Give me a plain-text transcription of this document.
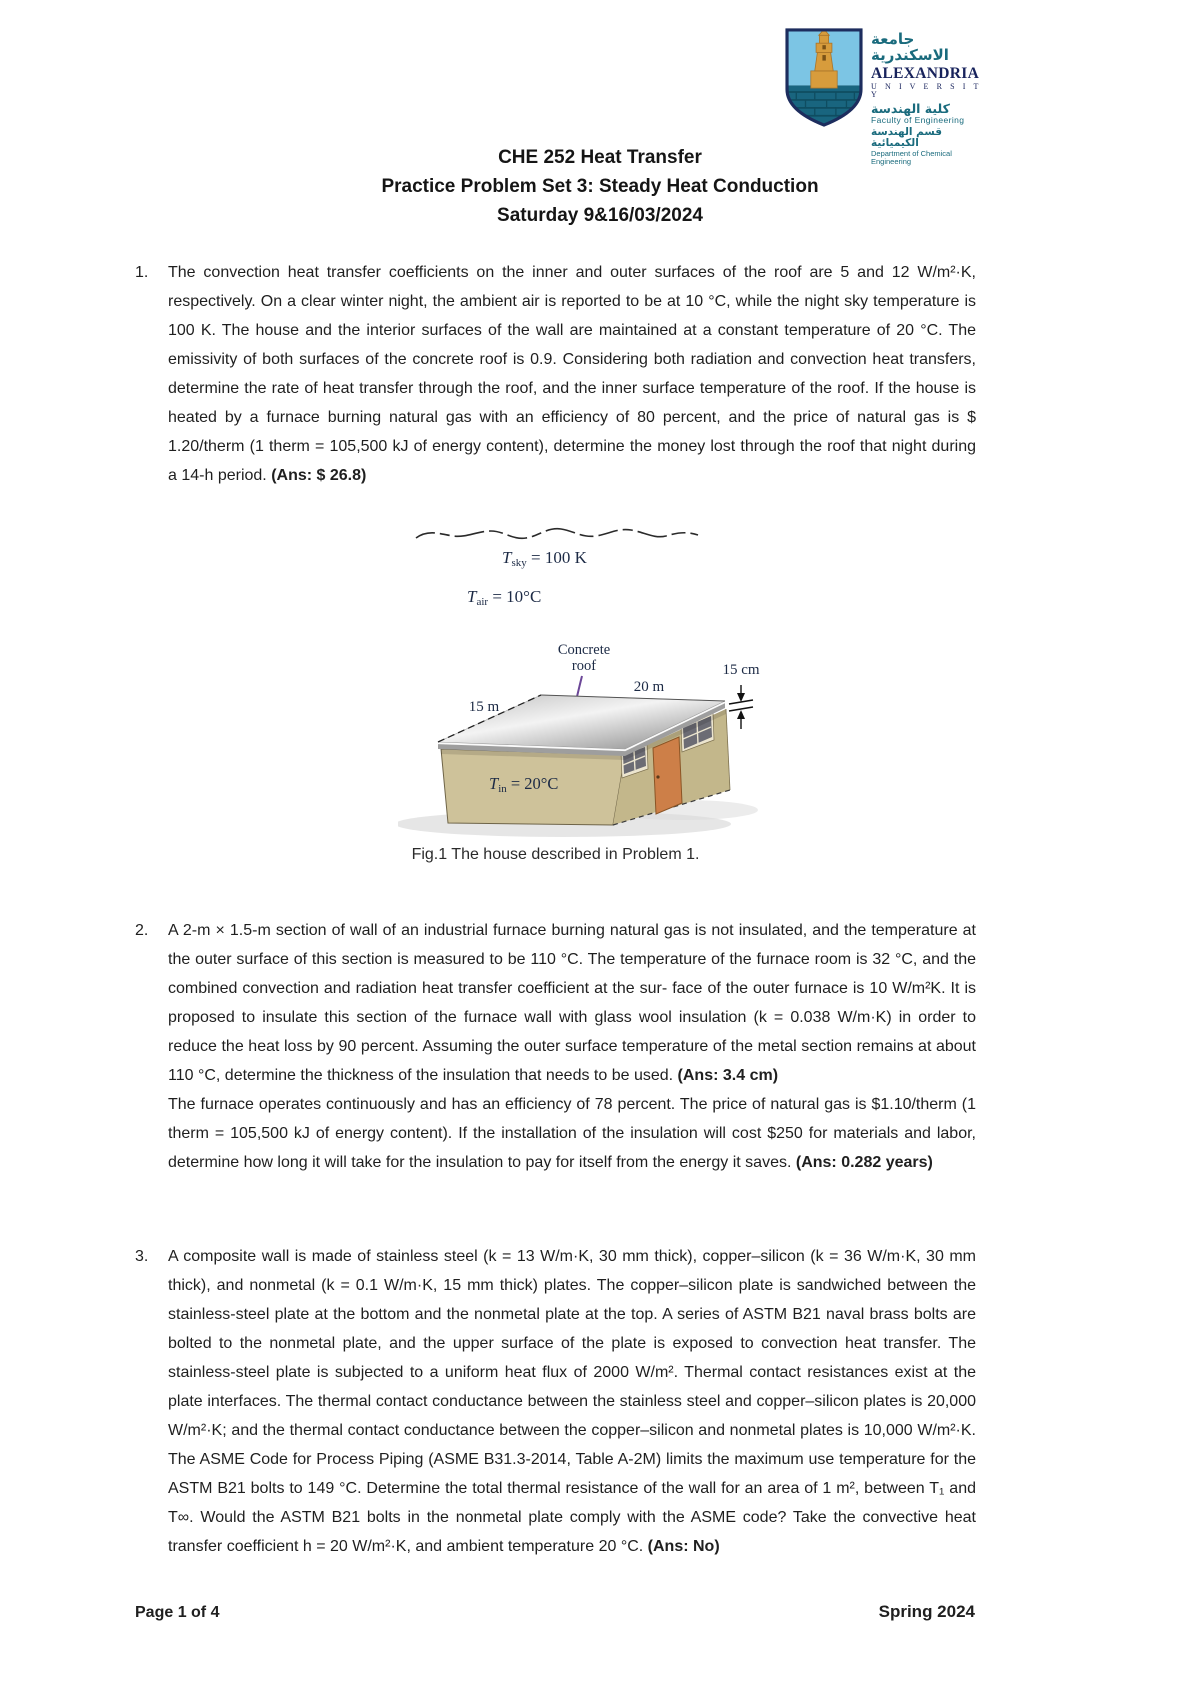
جامعة الاسكندرية
ALEXANDRIA
U N I V E R S I T Y
كلية الهندسة
Faculty of Engineering
قسم الهندسة الكيميائية
Department of Chemical Engineering
CHE 252 Heat Transfer
Practice Problem Set 3: Steady Heat Conduction
Saturday 9&16/03/2024
1.	The convection heat transfer coefficients on the inner and outer surfaces of the roof are 5 and 12 W/m²·K, respectively. On a clear winter night, the ambient air is reported to be at 10 °C, while the night sky temperature is 100 K. The house and the interior surfaces of the wall are maintained at a constant temperature of 20 °C. The emissivity of both surfaces of the concrete roof is 0.9. Considering both radiation and convection heat transfers, determine the rate of heat transfer through the roof, and the inner surface temperature of the roof. If the house is heated by a furnace burning natural gas with an efficiency of 80 percent, and the price of natural gas is $ 1.20/therm (1 therm = 105,500 kJ of energy content), determine the money lost through the roof that night during a 14-h period. (Ans: $ 26.8)
Tsky = 100 K
Tair = 10°C
Concrete
roof	15 cm
20 m
15 m
Tin = 20°C
Fig.1 The house described in Problem 1.
2.	A 2-m × 1.5-m section of wall of an industrial furnace burning natural gas is not insulated, and the temperature at the outer surface of this section is measured to be 110 °C. The temperature of the furnace room is 32 °C, and the combined convection and radiation heat transfer coefficient at the sur- face of the outer furnace is 10 W/m²K. It is proposed to insulate this section of the furnace wall with glass wool insulation (k = 0.038 W/m·K) in order to reduce the heat loss by 90 percent. Assuming the outer surface temperature of the metal section remains at about 110 °C, determine the thickness of the insulation that needs to be used. (Ans: 3.4 cm)
The furnace operates continuously and has an efficiency of 78 percent. The price of natural gas is $1.10/therm (1 therm = 105,500 kJ of energy content). If the installation of the insulation will cost $250 for materials and labor, determine how long it will take for the insulation to pay for itself from the energy it saves. (Ans: 0.282 years)
3.	A composite wall is made of stainless steel (k = 13 W/m·K, 30 mm thick), copper–silicon (k = 36 W/m·K, 30 mm thick), and nonmetal (k = 0.1 W/m·K, 15 mm thick) plates. The copper–silicon plate is sandwiched between the stainless-steel plate at the bottom and the nonmetal plate at the top. A series of ASTM B21 naval brass bolts are bolted to the nonmetal plate, and the upper surface of the plate is exposed to convection heat transfer. The stainless-steel plate is subjected to a uniform heat flux of 2000 W/m². Thermal contact resistances exist at the plate interfaces. The thermal contact conductance between the stainless steel and copper–silicon plates is 20,000 W/m²·K; and the thermal contact conductance between the copper–silicon and nonmetal plates is 10,000 W/m²·K. The ASME Code for Process Piping (ASME B31.3-2014, Table A-2M) limits the maximum use temperature for the ASTM B21 bolts to 149 °C. Determine the total thermal resistance of the wall for an area of 1 m², between T₁ and T∞. Would the ASTM B21 bolts in the nonmetal plate comply with the ASME code? Take the convective heat transfer coefficient h = 20 W/m²·K, and ambient temperature 20 °C. (Ans: No)
Page 1 of 4	Spring 2024
